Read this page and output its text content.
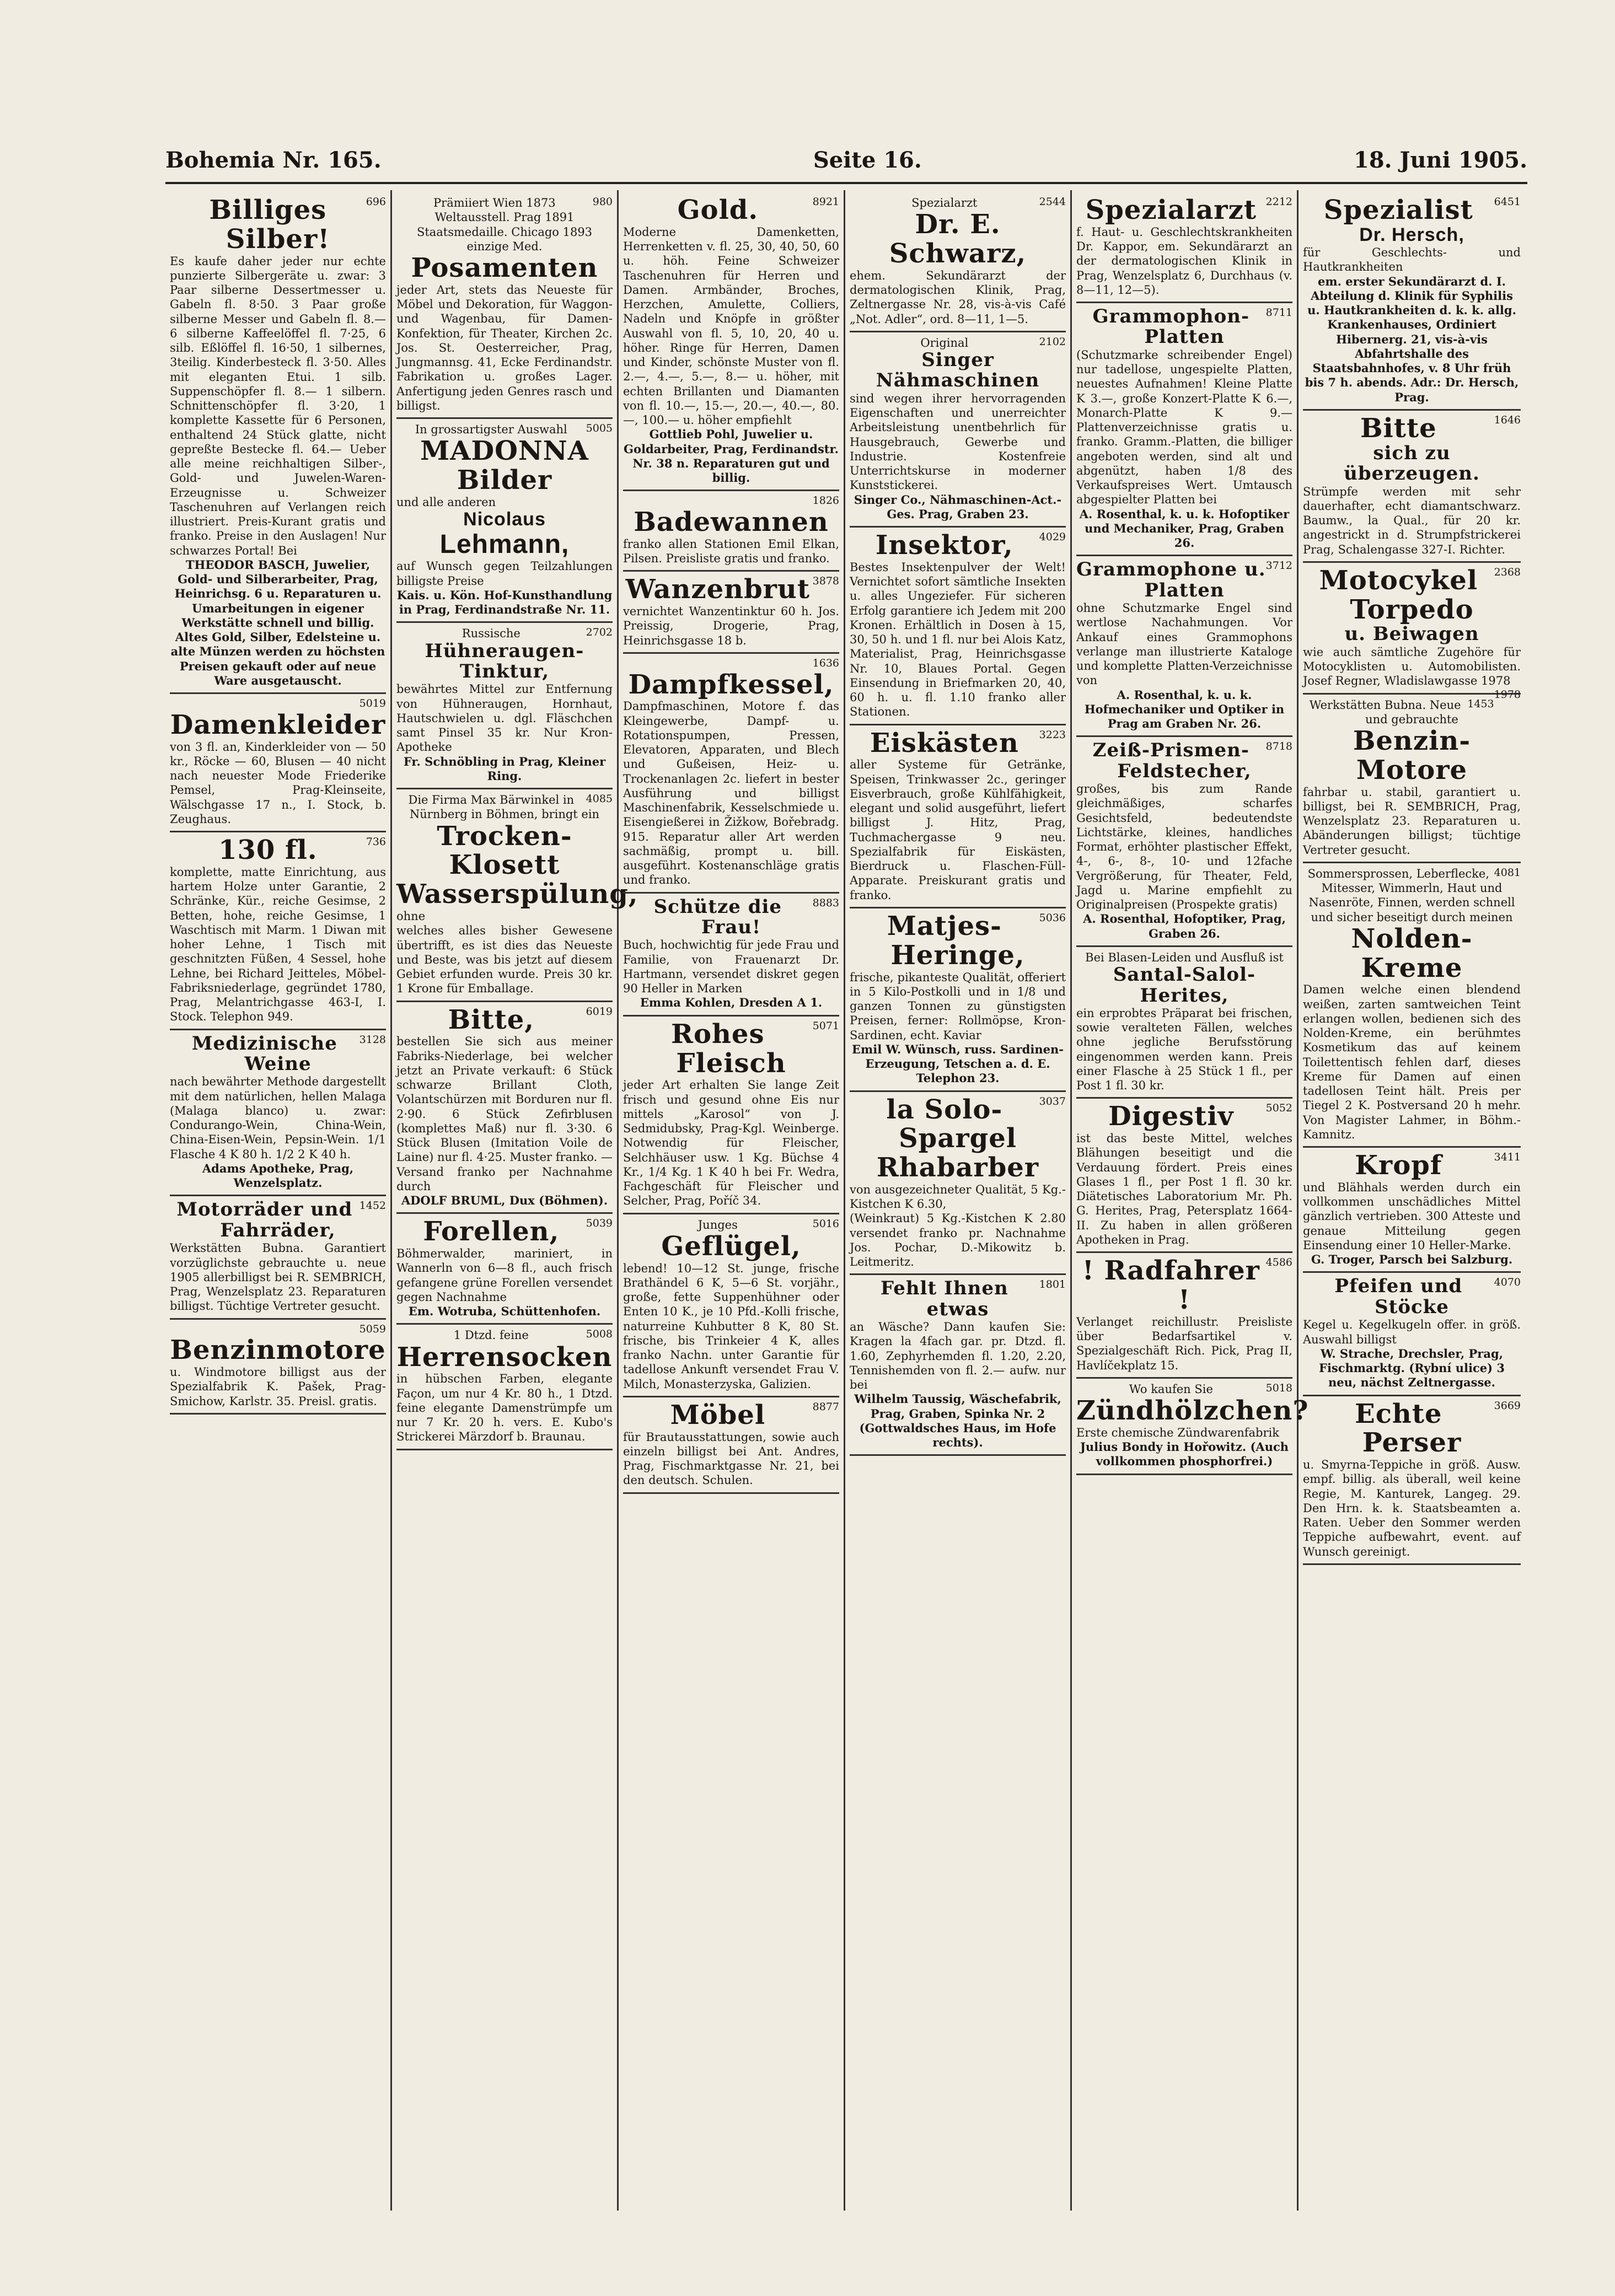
Bohemia Nr. 165.	Seite 16.	18. Juni 1905.
696
Billiges Silber!
Es kaufe daher jeder nur echte punzierte Silbergeräte u. zwar: 3 Paar silberne Dessertmesser u. Gabeln fl. 8·50. 3 Paar große silberne Messer und Gabeln fl. 8.— 6 silberne Kaffeelöffel fl. 7·25, 6 silb. Eßlöffel fl. 16·50, 1 silbernes, 3teilig. Kinderbesteck fl. 3·50. Alles mit eleganten Etui. 1 silb. Suppenschöpfer fl. 8.— 1 silbern. Schnittenschöpfer fl. 3·20, 1 komplette Kassette für 6 Personen, enthaltend 24 Stück glatte, nicht gepreßte Bestecke fl. 64.— Ueber alle meine reichhaltigen Silber-, Gold- und Juwelen-Waren-Erzeugnisse u. Schweizer Taschenuhren auf Verlangen reich illustriert. Preis-Kurant gratis und franko. Preise in den Auslagen! Nur schwarzes Portal! Bei
THEODOR BASCH, Juwelier, Gold- und Silberarbeiter, Prag, Heinrichsg. 6 u. Reparaturen u. Umarbeitungen in eigener Werkstätte schnell und billig. Altes Gold, Silber, Edelsteine u. alte Münzen werden zu höchsten Preisen gekauft oder auf neue Ware ausgetauscht.
5019
Damenkleider
von 3 fl. an, Kinderkleider von — 50 kr., Röcke — 60, Blusen — 40 nicht nach neuester Mode Friederike Pemsel, Prag-Kleinseite, Wälschgasse 17 n., I. Stock, b. Zeughaus.
736
130 fl.
komplette, matte Einrichtung, aus hartem Holze unter Garantie, 2 Schränke, Kür., reiche Gesimse, 2 Betten, hohe, reiche Gesimse, 1 Waschtisch mit Marm. 1 Diwan mit hoher Lehne, 1 Tisch mit geschnitzten Füßen, 4 Sessel, hohe Lehne, bei Richard Jeitteles, Möbel-Fabriksniederlage, gegründet 1780, Prag, Melantrichgasse 463-I, I. Stock. Telephon 949.
3128
Medizinische Weine
nach bewährter Methode dargestellt mit dem natürlichen, hellen Malaga (Malaga blanco) u. zwar: Condurango-Wein, China-Wein, China-Eisen-Wein, Pepsin-Wein. 1/1 Flasche 4 K 80 h. 1/2 2 K 40 h.
Adams Apotheke, Prag, Wenzelsplatz.
1452
Motorräder und Fahrräder,
Werkstätten Bubna. Garantiert vorzüglichste gebrauchte u. neue 1905 allerbilligst bei R. SEMBRICH, Prag, Wenzelsplatz 23. Reparaturen billigst. Tüchtige Vertreter gesucht.
5059
Benzinmotore
u. Windmotore billigst aus der Spezialfabrik K. Pašek, Prag-Smichow, Karlstr. 35. Preisl. gratis.
980
Prämiiert Wien 1873 Weltausstell. Prag 1891 Staatsmedaille. Chicago 1893 einzige Med.
Posamenten
jeder Art, stets das Neueste für Möbel und Dekoration, für Waggon- und Wagenbau, für Damen-Konfektion, für Theater, Kirchen 2c. Jos. St. Oesterreicher, Prag, Jungmannsg. 41, Ecke Ferdinandstr. Fabrikation u. großes Lager. Anfertigung jeden Genres rasch und billigst.
5005
In grossartigster Auswahl
MADONNA
Bilder
und alle anderen
Nicolaus
Lehmann,
auf Wunsch gegen Teilzahlungen billigste Preise
Kais. u. Kön. Hof-Kunsthandlung in Prag, Ferdinandstraße Nr. 11.
2702
Russische
Hühneraugen-Tinktur,
bewährtes Mittel zur Entfernung von Hühneraugen, Hornhaut, Hautschwielen u. dgl. Fläschchen samt Pinsel 35 kr. Nur Kron-Apotheke
Fr. Schnöbling in Prag, Kleiner Ring.
4085
Die Firma Max Bärwinkel in Nürnberg in Böhmen, bringt ein
Trocken-Klosett
Wasserspülung,
ohne
welches alles bisher Gewesene übertrifft, es ist dies das Neueste und Beste, was bis jetzt auf diesem Gebiet erfunden wurde. Preis 30 kr. 1 Krone für Emballage.
6019
Bitte,
bestellen Sie sich aus meiner Fabriks-Niederlage, bei welcher jetzt an Private verkauft: 6 Stück schwarze Brillant Cloth, Volantschürzen mit Borduren nur fl. 2·90. 6 Stück Zefirblusen (komplettes Maß) nur fl. 3·30. 6 Stück Blusen (Imitation Voile de Laine) nur fl. 4·25. Muster franko. — Versand franko per Nachnahme durch
ADOLF BRUML, Dux (Böhmen).
5039
Forellen,
Böhmerwalder, mariniert, in Wannerln von 6—8 fl., auch frisch gefangene grüne Forellen versendet gegen Nachnahme
Em. Wotruba, Schüttenhofen.
5008
1 Dtzd. feine
Herrensocken
in hübschen Farben, elegante Façon, um nur 4 Kr. 80 h., 1 Dtzd. feine elegante Damenstrümpfe um nur 7 Kr. 20 h. vers. E. Kubo's Strickerei Märzdorf b. Braunau.
8921
Gold.
Moderne Damenketten, Herrenketten v. fl. 25, 30, 40, 50, 60 u. höh. Feine Schweizer Taschenuhren für Herren und Damen. Armbänder, Broches, Herzchen, Amulette, Colliers, Nadeln und Knöpfe in größter Auswahl von fl. 5, 10, 20, 40 u. höher. Ringe für Herren, Damen und Kinder, schönste Muster von fl. 2.—, 4.—, 5.—, 8.— u. höher, mit echten Brillanten und Diamanten von fl. 10.—, 15.—, 20.—, 40.—, 80.—, 100.— u. höher empfiehlt
Gottlieb Pohl, Juwelier u. Goldarbeiter, Prag, Ferdinandstr. Nr. 38 n. Reparaturen gut und billig.
1826
Badewannen
franko allen Stationen Emil Elkan, Pilsen. Preisliste gratis und franko.
3878
Wanzenbrut
vernichtet Wanzentinktur 60 h. Jos. Preissig, Drogerie, Prag, Heinrichsgasse 18 b.
1636
Dampfkessel,
Dampfmaschinen, Motore f. das Kleingewerbe, Dampf- u. Rotationspumpen, Pressen, Elevatoren, Apparaten, und Blech und Gußeisen, Heiz- u. Trockenanlagen 2c. liefert in bester Ausführung und billigst Maschinenfabrik, Kesselschmiede u. Eisengießerei in Žižkow, Bořebradg. 915. Reparatur aller Art werden sachmäßig, prompt u. bill. ausgeführt. Kostenanschläge gratis und franko.
8883
Schütze die Frau!
Buch, hochwichtig für jede Frau und Familie, von Frauenarzt Dr. Hartmann, versendet diskret gegen 90 Heller in Marken
Emma Kohlen, Dresden A 1.
5071
Rohes Fleisch
jeder Art erhalten Sie lange Zeit frisch und gesund ohne Eis nur mittels „Karosol“ von J. Sedmidubsky, Prag-Kgl. Weinberge. Notwendig für Fleischer, Selchhäuser usw. 1 Kg. Büchse 4 Kr., 1/4 Kg. 1 K 40 h bei Fr. Wedra, Fachgeschäft für Fleischer und Selcher, Prag, Poříč 34.
5016
Junges
Geflügel,
lebend! 10—12 St. junge, frische Brathändel 6 K, 5—6 St. vorjähr., große, fette Suppenhühner oder Enten 10 K., je 10 Pfd.-Kolli frische, naturreine Kuhbutter 8 K, 80 St. frische, bis Trinkeier 4 K, alles franko Nachn. unter Garantie für tadellose Ankunft versendet Frau V. Milch, Monasterzyska, Galizien.
8877
Möbel
für Brautausstattungen, sowie auch einzeln billigst bei Ant. Andres, Prag, Fischmarktgasse Nr. 21, bei den deutsch. Schulen.
2544
Spezialarzt
Dr. E. Schwarz,
ehem. Sekundärarzt der dermatologischen Klinik, Prag, Zeltnergasse Nr. 28, vis-à-vis Café „Not. Adler“, ord. 8—11, 1—5.
2102
Original
Singer Nähmaschinen
sind wegen ihrer hervorragenden Eigenschaften und unerreichter Arbeitsleistung unentbehrlich für Hausgebrauch, Gewerbe und Industrie. Kostenfreie Unterrichtskurse in moderner Kunststickerei.
Singer Co., Nähmaschinen-Act.-Ges. Prag, Graben 23.
4029
Insektor,
Bestes Insektenpulver der Welt! Vernichtet sofort sämtliche Insekten u. alles Ungeziefer. Für sicheren Erfolg garantiere ich Jedem mit 200 Kronen. Erhältlich in Dosen à 15, 30, 50 h. und 1 fl. nur bei Alois Katz, Materialist, Prag, Heinrichsgasse Nr. 10, Blaues Portal. Gegen Einsendung in Briefmarken 20, 40, 60 h. u. fl. 1.10 franko aller Stationen.
3223
Eiskästen
aller Systeme für Getränke, Speisen, Trinkwasser 2c., geringer Eisverbrauch, große Kühlfähigkeit, elegant und solid ausgeführt, liefert billigst J. Hitz, Prag, Tuchmachergasse 9 neu. Spezialfabrik für Eiskästen, Bierdruck u. Flaschen-Füll-Apparate. Preiskurant gratis und franko.
5036
Matjes-Heringe,
frische, pikanteste Qualität, offeriert in 5 Kilo-Postkolli und in 1/8 und ganzen Tonnen zu günstigsten Preisen, ferner: Rollmöpse, Kron-Sardinen, echt. Kaviar
Emil W. Wünsch, russ. Sardinen-Erzeugung, Tetschen a. d. E. Telephon 23.
3037
la Solo-Spargel
Rhabarber
von ausgezeichneter Qualität, 5 Kg.-Kistchen K 6.30,
(Weinkraut) 5 Kg.-Kistchen K 2.80 versendet franko pr. Nachnahme Jos. Pochar, D.-Mikowitz b. Leitmeritz.
1801
Fehlt Ihnen etwas
an Wäsche? Dann kaufen Sie: Kragen la 4fach gar. pr. Dtzd. fl. 1.60, Zephyrhemden fl. 1.20, 2.20, Tennishemden von fl. 2.— aufw. nur bei
Wilhelm Taussig, Wäschefabrik, Prag, Graben, Spinka Nr. 2 (Gottwaldsches Haus, im Hofe rechts).
2212
Spezialarzt
f. Haut- u. Geschlechtskrankheiten Dr. Kappor, em. Sekundärarzt an der dermatologischen Klinik in Prag, Wenzelsplatz 6, Durchhaus (v. 8—11, 12—5).
8711
Grammophon-Platten
(Schutzmarke schreibender Engel) nur tadellose, ungespielte Platten, neuestes Aufnahmen! Kleine Platte K 3.—, große Konzert-Platte K 6.—, Monarch-Platte K 9.— Plattenverzeichnisse gratis u. franko. Gramm.-Platten, die billiger angeboten werden, sind alt und abgenützt, haben 1/8 des Verkaufspreises Wert. Umtausch abgespielter Platten bei
A. Rosenthal, k. u. k. Hofoptiker und Mechaniker, Prag, Graben 26.
3712
Grammophone u. Platten
ohne Schutzmarke Engel sind wertlose Nachahmungen. Vor Ankauf eines Grammophons verlange man illustrierte Kataloge und komplette Platten-Verzeichnisse von
A. Rosenthal, k. u. k. Hofmechaniker und Optiker in Prag am Graben Nr. 26.
8718
Zeiß-Prismen-Feldstecher,
großes, bis zum Rande gleichmäßiges, scharfes Gesichtsfeld, bedeutendste Lichtstärke, kleines, handliches Format, erhöhter plastischer Effekt, 4-, 6-, 8-, 10- und 12fache Vergrößerung, für Theater, Feld, Jagd u. Marine empfiehlt zu Originalpreisen (Prospekte gratis)
A. Rosenthal, Hofoptiker, Prag, Graben 26.
Bei Blasen-Leiden und Ausfluß ist
Santal-Salol-Herites,
ein erprobtes Präparat bei frischen, sowie veralteten Fällen, welches ohne jegliche Berufsstörung eingenommen werden kann. Preis einer Flasche à 25 Stück 1 fl., per Post 1 fl. 30 kr.
5052
Digestiv
ist das beste Mittel, welches Blähungen beseitigt und die Verdauung fördert. Preis eines Glases 1 fl., per Post 1 fl. 30 kr. Diätetisches Laboratorium Mr. Ph. G. Herites, Prag, Petersplatz 1664-II. Zu haben in allen größeren Apotheken in Prag.
4586
! Radfahrer !
Verlanget reichillustr. Preisliste über Bedarfsartikel v. Spezialgeschäft Rich. Pick, Prag II, Havlíčekplatz 15.
5018
Wo kaufen Sie
Zündhölzchen?
Erste chemische Zündwarenfabrik
Julius Bondy in Hořowitz. (Auch vollkommen phosphorfrei.)
6451
Spezialist
Dr. Hersch,
für Geschlechts- und Hautkrankheiten
em. erster Sekundärarzt d. I. Abteilung d. Klinik für Syphilis u. Hautkrankheiten d. k. k. allg. Krankenhauses, Ordiniert Hibernerg. 21, vis-à-vis Abfahrtshalle des Staatsbahnhofes, v. 8 Uhr früh bis 7 h. abends. Adr.: Dr. Hersch, Prag.
1646
Bitte
sich zu überzeugen.
Strümpfe werden mit sehr dauerhafter, echt diamantschwarz. Baumw., la Qual., für 20 kr. angestrickt in d. Strumpfstrickerei Prag, Schalengasse 327-I. Richter.
2368
Motocykel
Torpedo
u. Beiwagen
wie auch sämtliche Zugehöre für Motocyklisten u. Automobilisten. Josef Regner, Wladislawgasse 1978
1978
1453
Werkstätten Bubna. Neue und gebrauchte
Benzin-Motore
fahrbar u. stabil, garantiert u. billigst, bei R. SEMBRICH, Prag, Wenzelsplatz 23. Reparaturen u. Abänderungen billigst; tüchtige Vertreter gesucht.
4081
Sommersprossen, Leberflecke, Mitesser, Wimmerln, Haut und Nasenröte, Finnen, werden schnell und sicher beseitigt durch meinen
Nolden-Kreme
Damen welche einen blendend weißen, zarten samtweichen Teint erlangen wollen, bedienen sich des Nolden-Kreme, ein berühmtes Kosmetikum das auf keinem Toilettentisch fehlen darf, dieses Kreme für Damen auf einen tadellosen Teint hält. Preis per Tiegel 2 K. Postversand 20 h mehr. Von Magister Lahmer, in Böhm.-Kamnitz.
3411
Kropf
und Blähhals werden durch ein vollkommen unschädliches Mittel gänzlich vertrieben. 300 Atteste und genaue Mitteilung gegen Einsendung einer 10 Heller-Marke.
G. Troger, Parsch bei Salzburg.
4070
Pfeifen und Stöcke
Kegel u. Kegelkugeln offer. in größ. Auswahl billigst
W. Strache, Drechsler, Prag, Fischmarktg. (Rybní ulice) 3 neu, nächst Zeltnergasse.
3669
Echte Perser
u. Smyrna-Teppiche in größ. Ausw. empf. billig. als überall, weil keine Regie, M. Kanturek, Langeg. 29. Den Hrn. k. k. Staatsbeamten a. Raten. Ueber den Sommer werden Teppiche aufbewahrt, event. auf Wunsch gereinigt.
